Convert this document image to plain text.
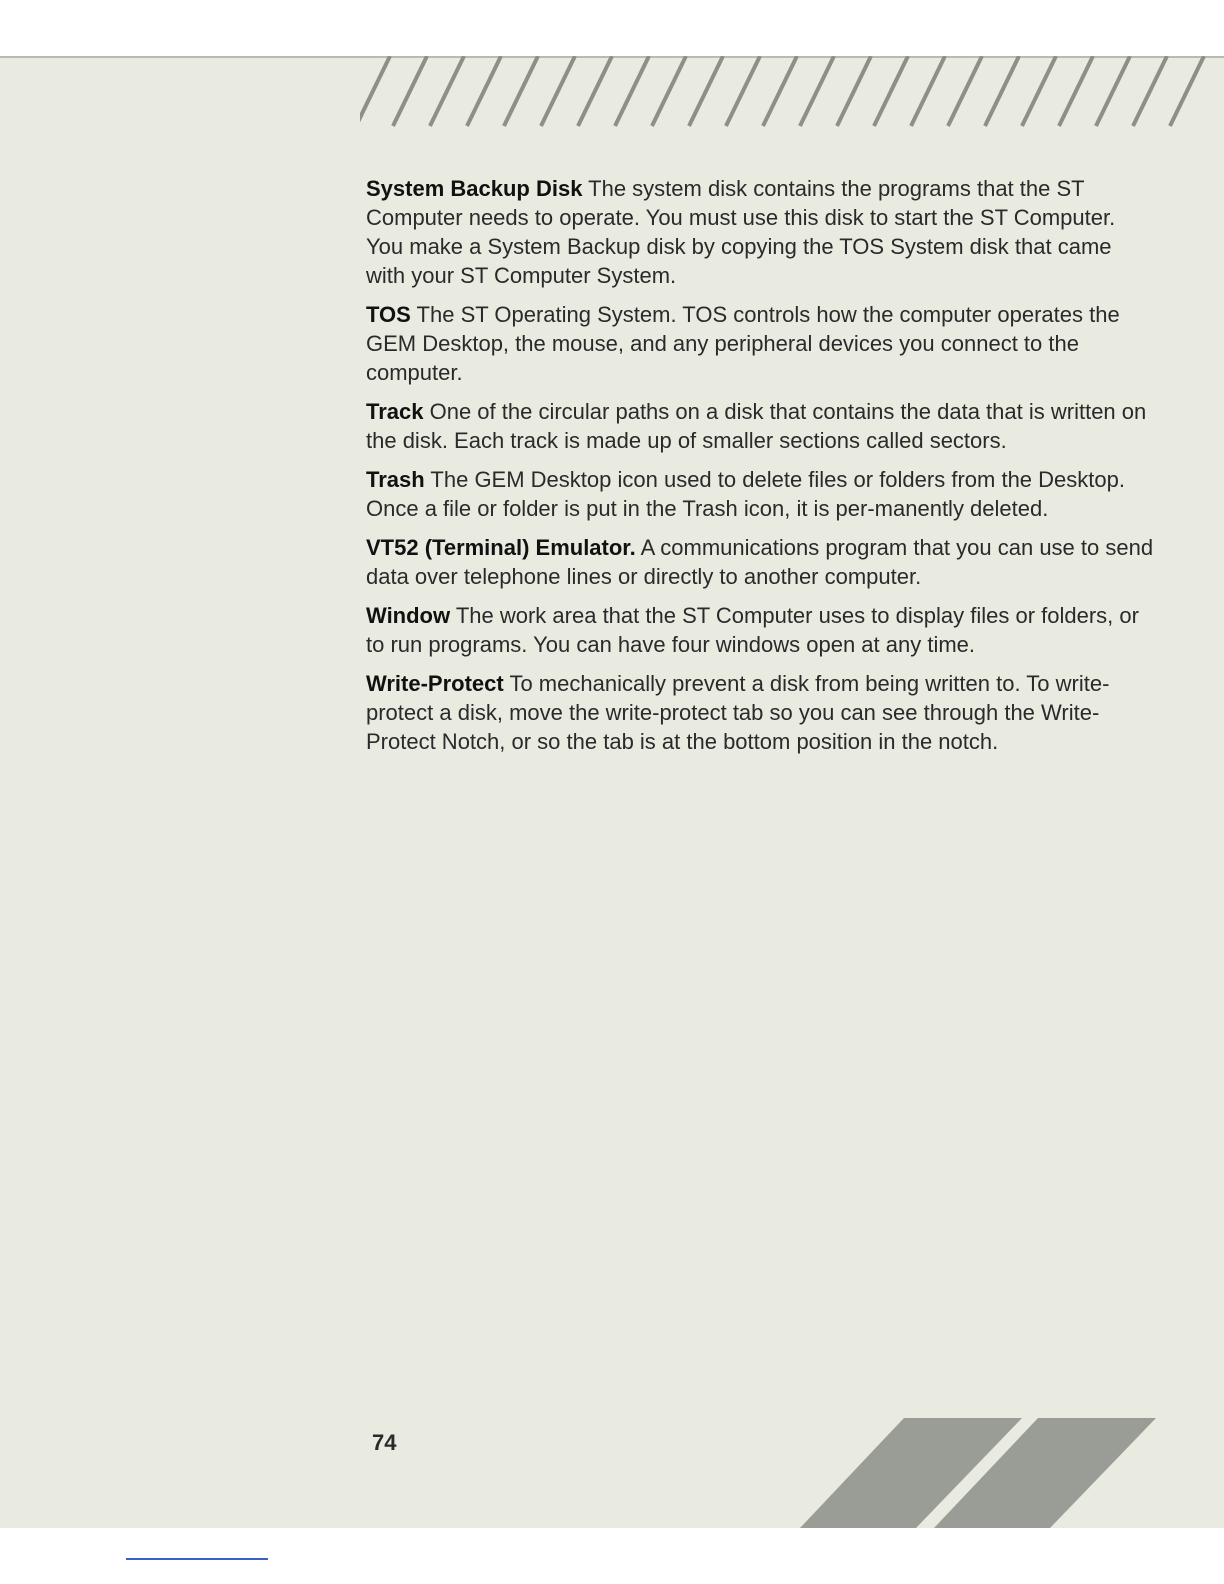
System Backup Disk The system disk contains the programs that the ST Computer needs to operate. You must use this disk to start the ST Computer. You make a System Backup disk by copying the TOS System disk that came with your ST Computer System.

TOS The ST Operating System. TOS controls how the computer operates the GEM Desktop, the mouse, and any peripheral devices you connect to the computer.

Track One of the circular paths on a disk that contains the data that is written on the disk. Each track is made up of smaller sections called sectors.

Trash The GEM Desktop icon used to delete files or folders from the Desktop. Once a file or folder is put in the Trash icon, it is per-manently deleted.

VT52 (Terminal) Emulator. A communications program that you can use to send data over telephone lines or directly to another computer.

Window The work area that the ST Computer uses to display files or folders, or to run programs. You can have four windows open at any time.

Write-Protect To mechanically prevent a disk from being written to. To write-protect a disk, move the write-protect tab so you can see through the Write-Protect Notch, or so the tab is at the bottom position in the notch.

74
